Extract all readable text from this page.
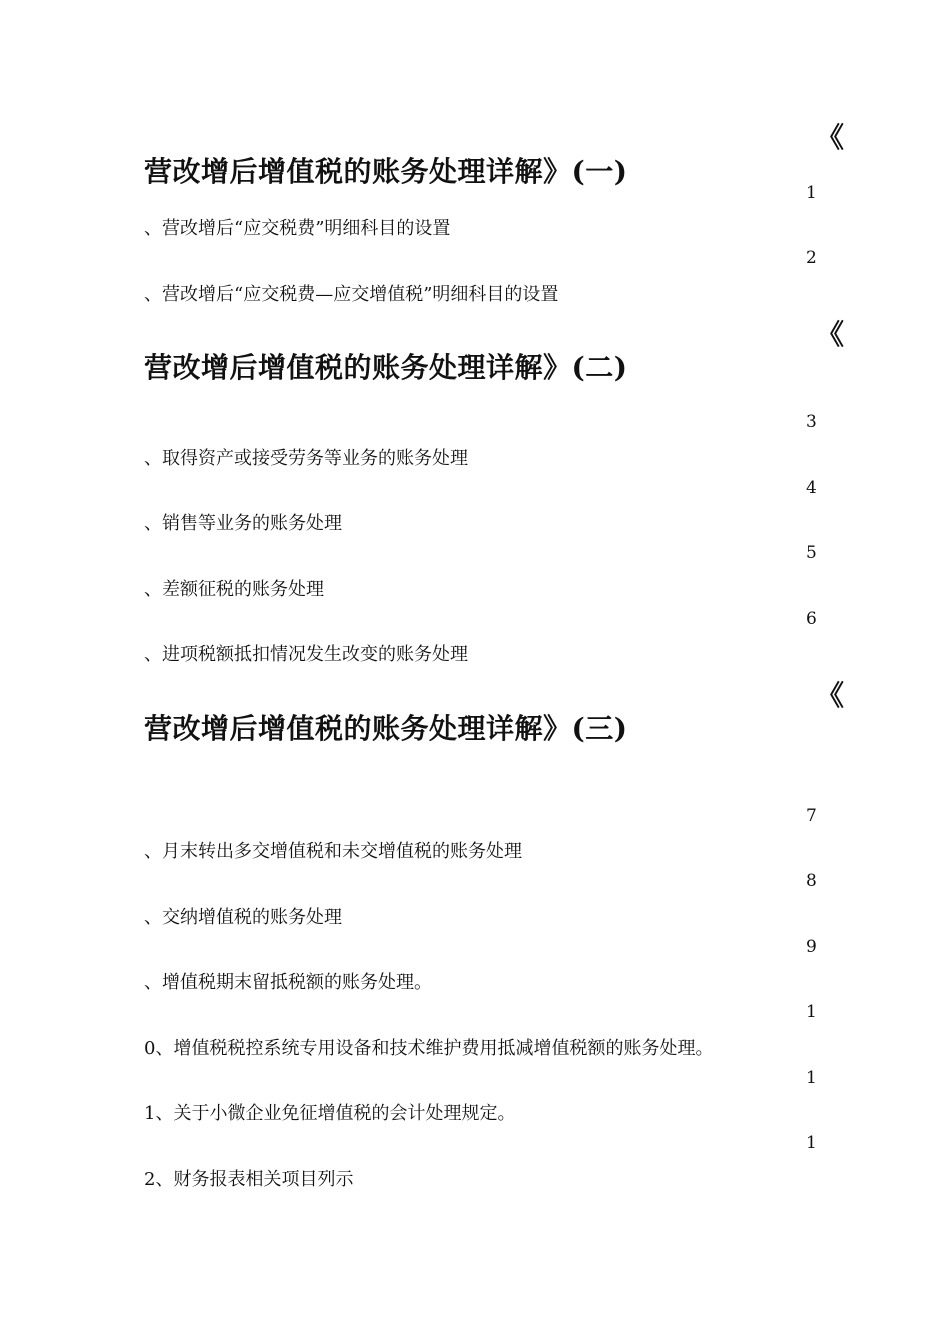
《
营改增后增值税的账务处理详解》(一)
1
、营改增后“应交税费”明细科目的设置
2
、营改增后“应交税费—应交增值税”明细科目的设置
《
营改增后增值税的账务处理详解》(二)
3
、取得资产或接受劳务等业务的账务处理
4
、销售等业务的账务处理
5
、差额征税的账务处理
6
、进项税额抵扣情况发生改变的账务处理
《
营改增后增值税的账务处理详解》(三)
7
、月末转出多交增值税和未交增值税的账务处理
8
、交纳增值税的账务处理
9
、增值税期末留抵税额的账务处理。
1
0、增值税税控系统专用设备和技术维护费用抵减增值税额的账务处理。
1
1、关于小微企业免征增值税的会计处理规定。
1
2、财务报表相关项目列示
